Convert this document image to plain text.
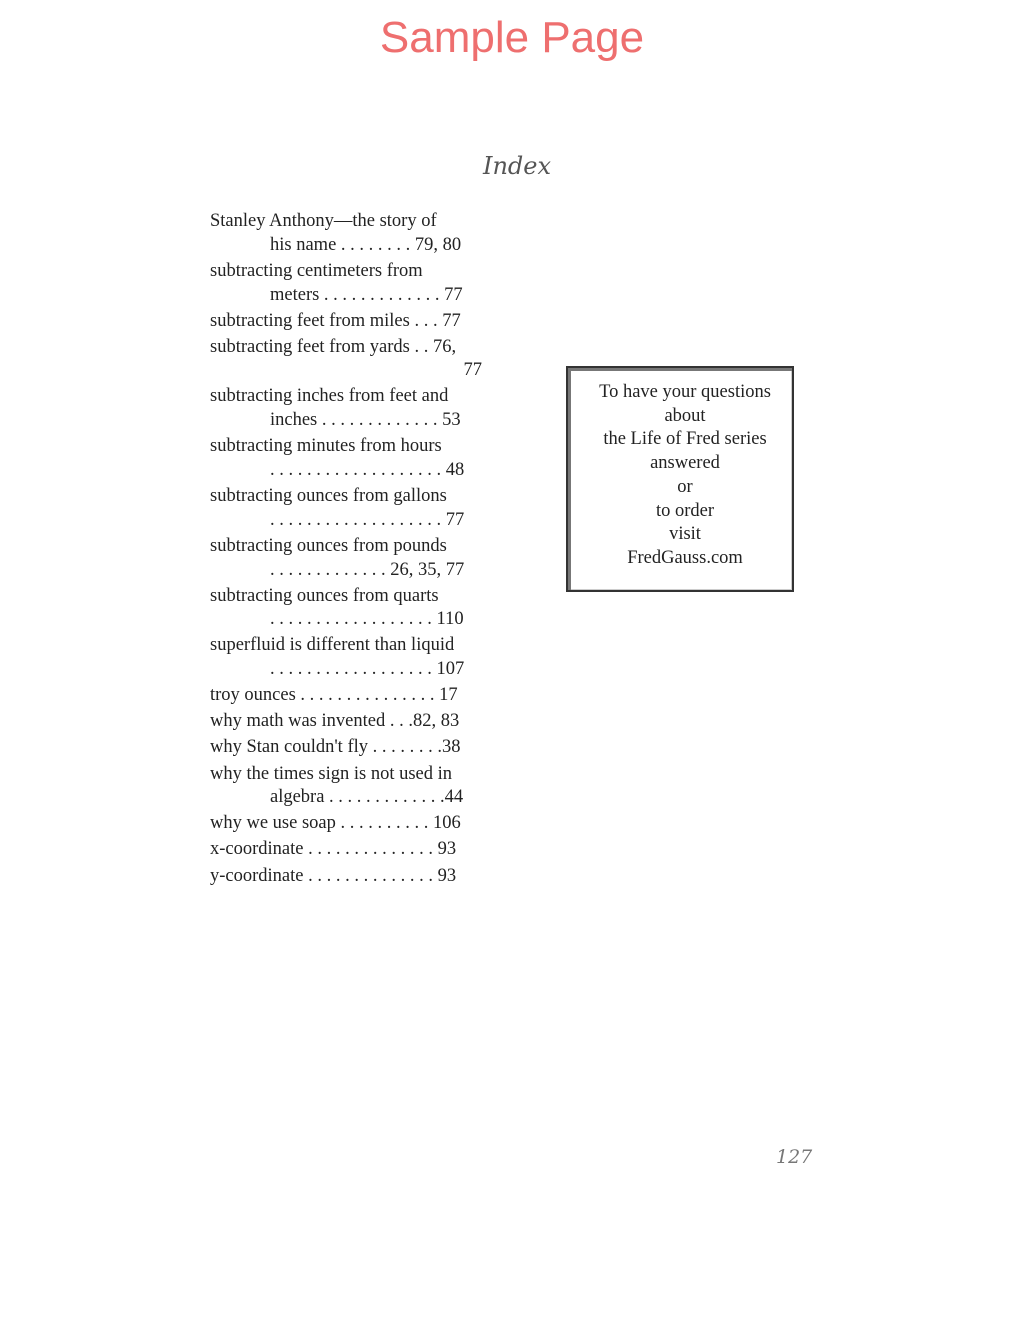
Sample Page
Index
Stanley Anthony—the story of
his name . . . . . . . . 79, 80
subtracting centimeters from
meters . . . . . . . . . . . . . 77
subtracting feet from miles . . . 77
subtracting feet from yards . . 76,
77
subtracting inches from feet and
inches . . . . . . . . . . . . . 53
subtracting minutes from hours
. . . . . . . . . . . . . . . . . . . 48
subtracting ounces from gallons
. . . . . . . . . . . . . . . . . . . 77
subtracting ounces from pounds
. . . . . . . . . . . . . 26, 35, 77
subtracting ounces from quarts
. . . . . . . . . . . . . . . . . . 110
superfluid is different than liquid
. . . . . . . . . . . . . . . . . . 107
troy ounces . . . . . . . . . . . . . . . 17
why math was invented . . .82, 83
why Stan couldn't fly . . . . . . . .38
why the times sign is not used in
algebra . . . . . . . . . . . . .44
why we use soap . . . . . . . . . . 106
x-coordinate . . . . . . . . . . . . . . 93
y-coordinate . . . . . . . . . . . . . . 93
To have your questions
about
the Life of Fred series
answered
or
to order
visit
FredGauss.com
127
